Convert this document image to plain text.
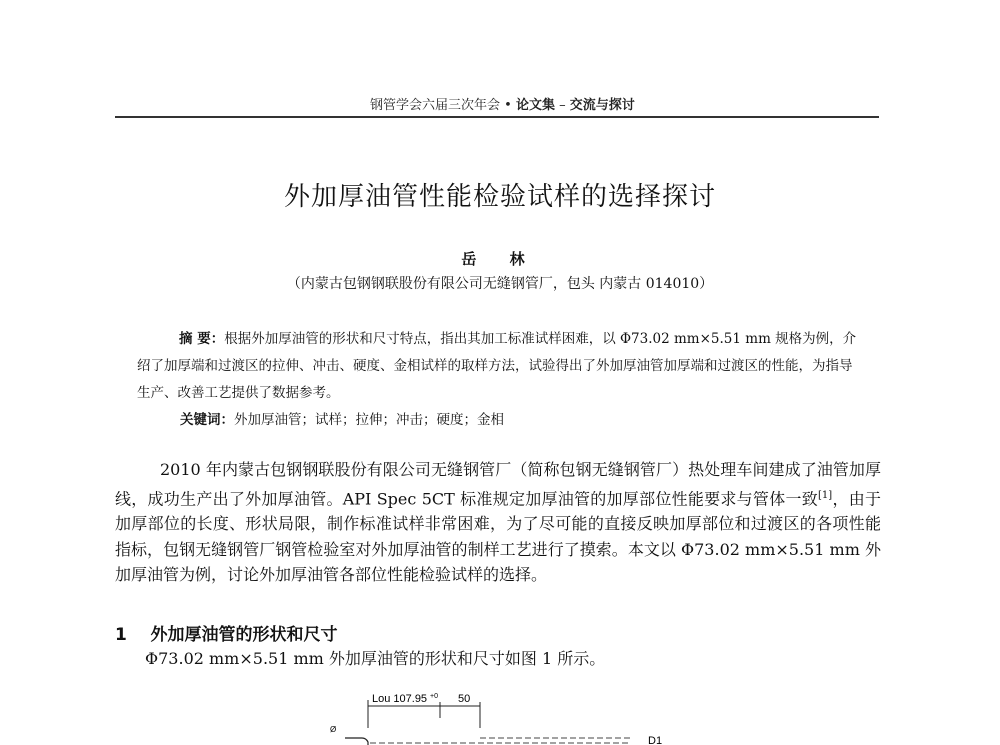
钢管学会六届三次年会 • 论文集 – 交流与探讨
外加厚油管性能检验试样的选择探讨
岳 林
（内蒙古包钢钢联股份有限公司无缝钢管厂，包头 内蒙古 014010）

摘 要：根据外加厚油管的形状和尺寸特点，指出其加工标准试样困难，以 Φ73.02 mm×5.51 mm 规格为例，介绍了加厚端和过渡区的拉伸、冲击、硬度、金相试样的取样方法，试验得出了外加厚油管加厚端和过渡区的性能，为指导生产、改善工艺提供了数据参考。

关键词：外加厚油管；试样；拉伸；冲击；硬度；金相

2010 年内蒙古包钢钢联股份有限公司无缝钢管厂（简称包钢无缝钢管厂）热处理车间建成了油管加厚线，成功生产出了外加厚油管。API Spec 5CT 标准规定加厚油管的加厚部位性能要求与管体一致[1]，由于加厚部位的长度、形状局限，制作标准试样非常困难，为了尽可能的直接反映加厚部位和过渡区的各项性能指标，包钢无缝钢管厂钢管检验室对外加厚油管的制样工艺进行了摸索。本文以 Φ73.02 mm×5.51 mm 外加厚油管为例，讨论外加厚油管各部位性能检验试样的选择。

1 外加厚油管的形状和尺寸
Φ73.02 mm×5.51 mm 外加厚油管的形状和尺寸如图 1 所示。
Lou 107.95 +0 50
Ø
D1
